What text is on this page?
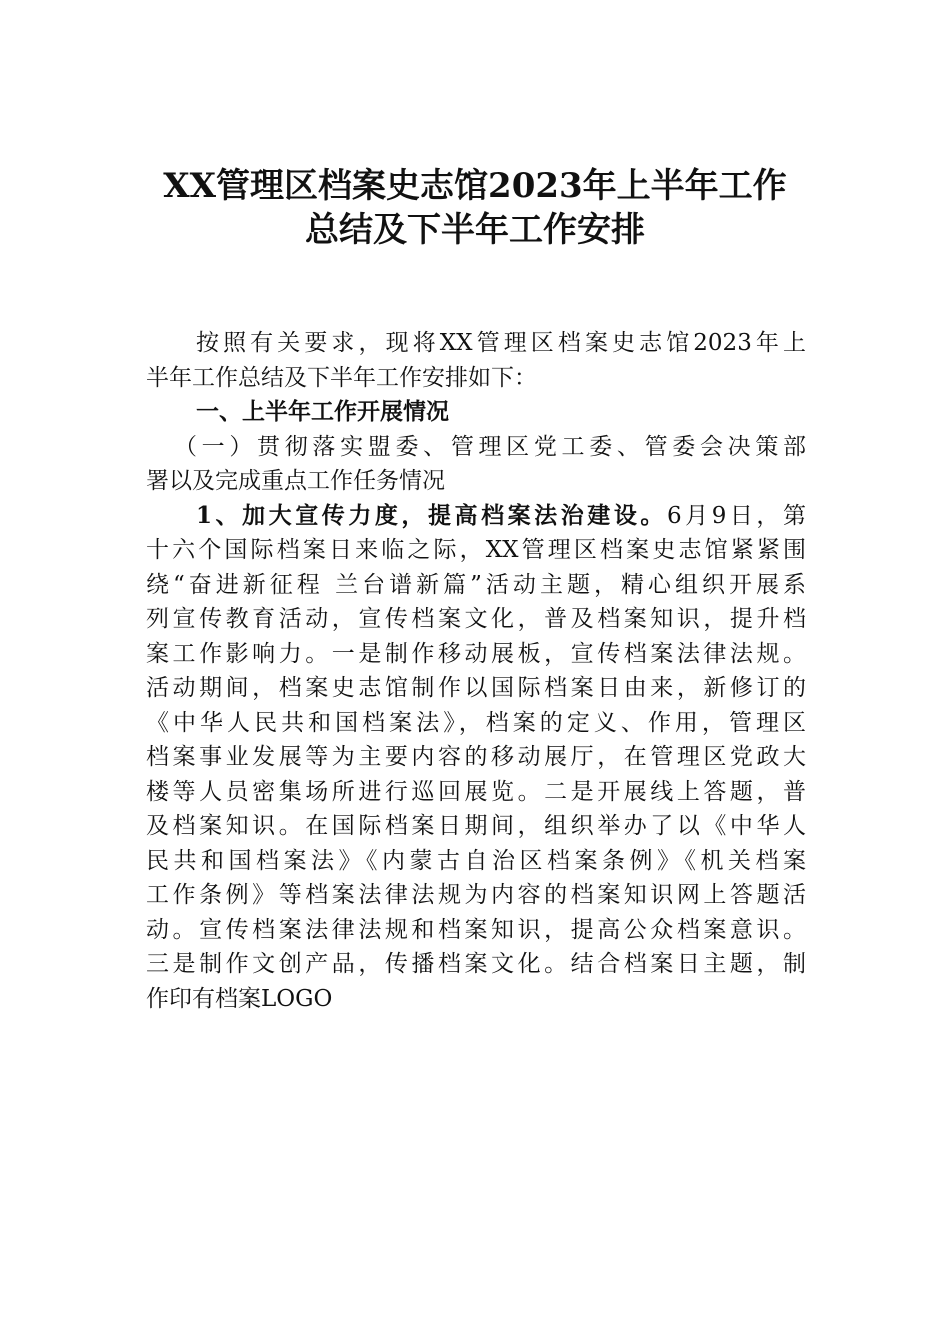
XX管理区档案史志馆2023年上半年工作
总结及下半年工作安排
按照有关要求，现将XX管理区档案史志馆2023年上
半年工作总结及下半年工作安排如下：
一、上半年工作开展情况
（一）贯彻落实盟委、管理区党工委、管委会决策部
署以及完成重点工作任务情况
1、加大宣传力度，提高档案法治建设。6月9日，第
十六个国际档案日来临之际，XX管理区档案史志馆紧紧围
绕“奋进新征程 兰台谱新篇”活动主题，精心组织开展系
列宣传教育活动，宣传档案文化，普及档案知识，提升档
案工作影响力。一是制作移动展板，宣传档案法律法规。
活动期间，档案史志馆制作以国际档案日由来，新修订的
《中华人民共和国档案法》，档案的定义、作用，管理区
档案事业发展等为主要内容的移动展厅，在管理区党政大
楼等人员密集场所进行巡回展览。二是开展线上答题，普
及档案知识。在国际档案日期间，组织举办了以《中华人
民共和国档案法》《内蒙古自治区档案条例》《机关档案
工作条例》等档案法律法规为内容的档案知识网上答题活
动。宣传档案法律法规和档案知识，提高公众档案意识。
三是制作文创产品，传播档案文化。结合档案日主题，制
作印有档案LOGO
